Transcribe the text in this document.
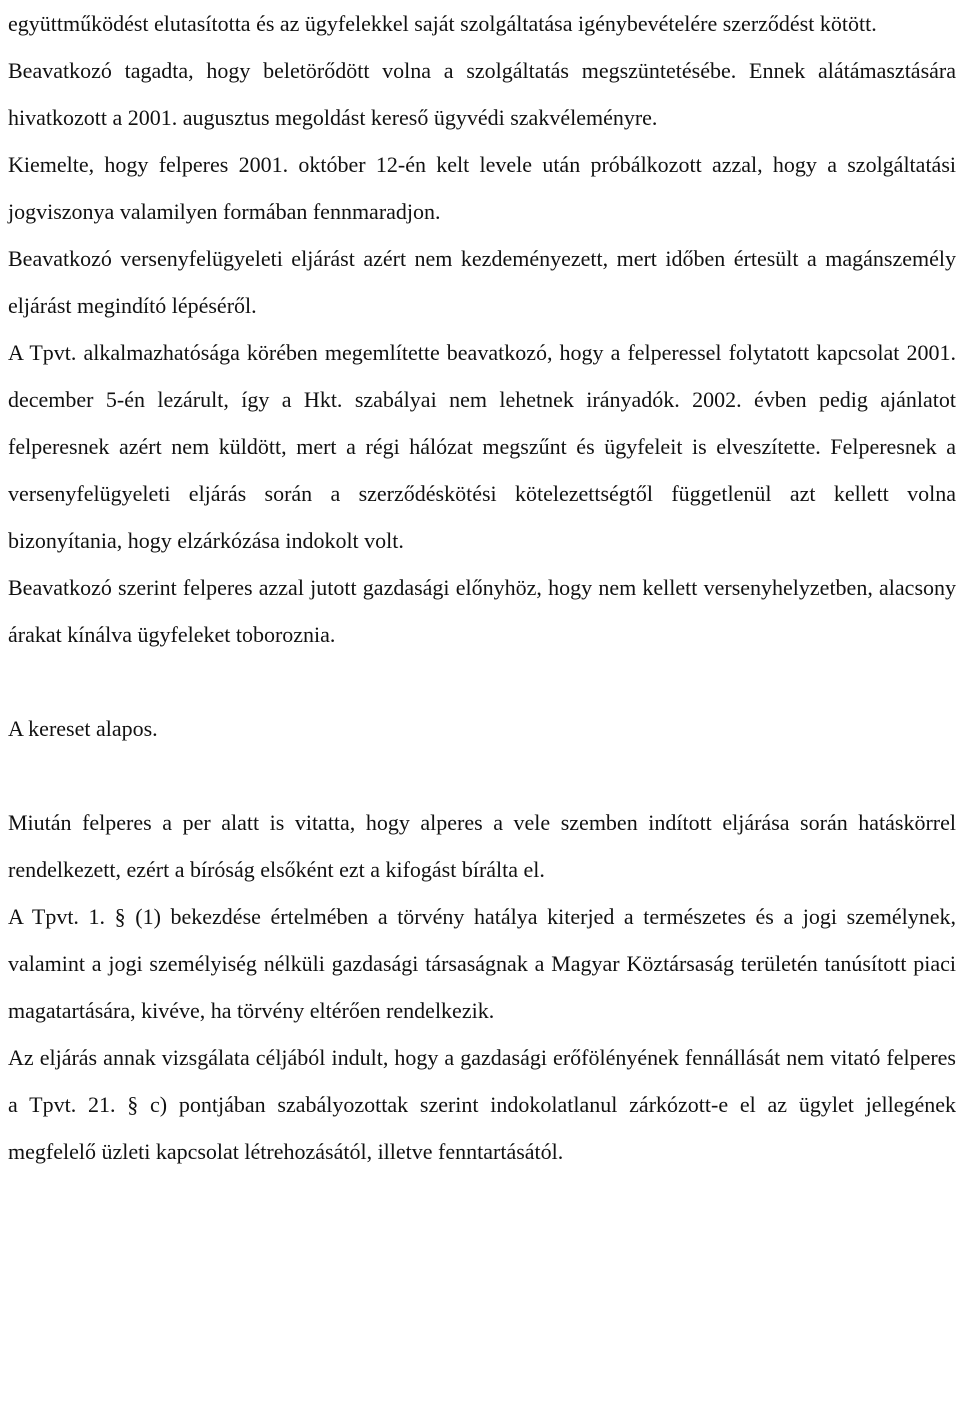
együttműködést elutasította és az ügyfelekkel saját szolgáltatása igénybevételére szerződést kötött.

Beavatkozó tagadta, hogy beletörődött volna a szolgáltatás megszüntetésébe. Ennek alátámasztására hivatkozott a 2001. augusztus megoldást kereső ügyvédi szakvéleményre.

Kiemelte, hogy felperes 2001. október 12-én kelt levele után próbálkozott azzal, hogy a szolgáltatási jogviszonya valamilyen formában fennmaradjon.

Beavatkozó versenyfelügyeleti eljárást azért nem kezdeményezett, mert időben értesült a magánszemély eljárást megindító lépéséről.

A Tpvt. alkalmazhatósága körében megemlítette beavatkozó, hogy a felperessel folytatott kapcsolat 2001. december 5-én lezárult, így a Hkt. szabályai nem lehetnek irányadók. 2002. évben pedig ajánlatot felperesnek azért nem küldött, mert a régi hálózat megszűnt és ügyfeleit is elveszítette. Felperesnek a versenyfelügyeleti eljárás során a szerződéskötési kötelezettségtől függetlenül azt kellett volna bizonyítania, hogy elzárkózása indokolt volt.

Beavatkozó szerint felperes azzal jutott gazdasági előnyhöz, hogy nem kellett versenyhelyzetben, alacsony árakat kínálva ügyfeleket toboroznia.

A kereset alapos.

Miután felperes a per alatt is vitatta, hogy alperes a vele szemben indított eljárása során hatáskörrel rendelkezett, ezért a bíróság elsőként ezt a kifogást bírálta el.

A Tpvt. 1. § (1) bekezdése értelmében a törvény hatálya kiterjed a természetes és a jogi személynek, valamint a jogi személyiség nélküli gazdasági társaságnak a Magyar Köztársaság területén tanúsított piaci magatartására, kivéve, ha törvény eltérően rendelkezik.

Az eljárás annak vizsgálata céljából indult, hogy a gazdasági erőfölényének fennállását nem vitató felperes a Tpvt. 21. § c) pontjában szabályozottak szerint indokolatlanul zárkózott-e el az ügylet jellegének megfelelő üzleti kapcsolat létrehozásától, illetve fenntartásától.
